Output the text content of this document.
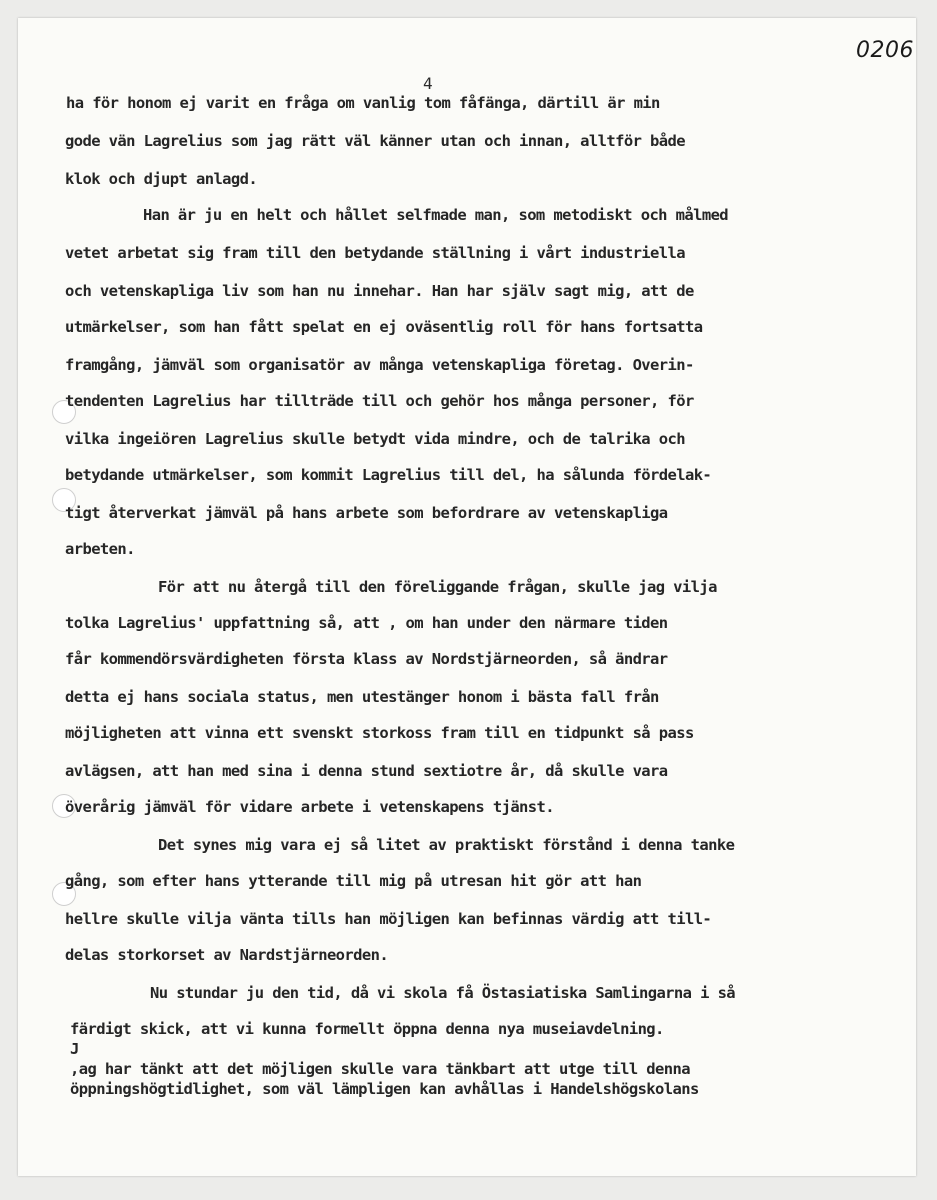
0206
4
ha för honom ej varit en fråga om vanlig tom fåfänga, därtill är min
gode vän Lagrelius som jag rätt väl känner utan och innan, alltför både
klok och djupt anlagd.
Han är ju en helt och hållet selfmade man, som metodiskt och målmed
vetet arbetat sig fram till den betydande ställning i vårt industriella
och vetenskapliga liv som han nu innehar. Han har själv sagt mig, att de
utmärkelser, som han fått spelat en ej oväsentlig roll för hans fortsatta
framgång, jämväl som organisatör av många vetenskapliga företag. Overin-
tendenten Lagrelius har tillträde till och gehör hos många personer, för
vilka ingeiören Lagrelius skulle betydt vida mindre, och de talrika och
betydande utmärkelser, som kommit Lagrelius till del, ha sålunda fördelak-
tigt återverkat jämväl på hans arbete som befordrare av vetenskapliga
arbeten.
För att nu återgå till den föreliggande frågan, skulle jag vilja
tolka Lagrelius' uppfattning så, att , om han under den närmare tiden
får kommendörsvärdigheten första klass av Nordstjärneorden, så ändrar
detta ej hans sociala status, men utestänger honom i bästa fall från
möjligheten att vinna ett svenskt storkoss fram till en tidpunkt så pass
avlägsen, att han med sina i denna stund sextiotre år, då skulle vara
överårig jämväl för vidare arbete i vetenskapens tjänst.
Det synes mig vara ej så litet av praktiskt förstånd i denna tanke
gång, som efter hans ytterande till mig på utresan hit gör att han
hellre skulle vilja vänta tills han möjligen kan befinnas värdig att till-
delas storkorset av Nardstjärneorden.
Nu stundar ju den tid, då vi skola få Östasiatiska Samlingarna i så
färdigt skick, att vi kunna formellt öppna denna nya museiavdelning.
J
,ag har tänkt att det möjligen skulle vara tänkbart att utge till denna
öppningshögtidlighet, som väl lämpligen kan avhållas i Handelshögskolans
